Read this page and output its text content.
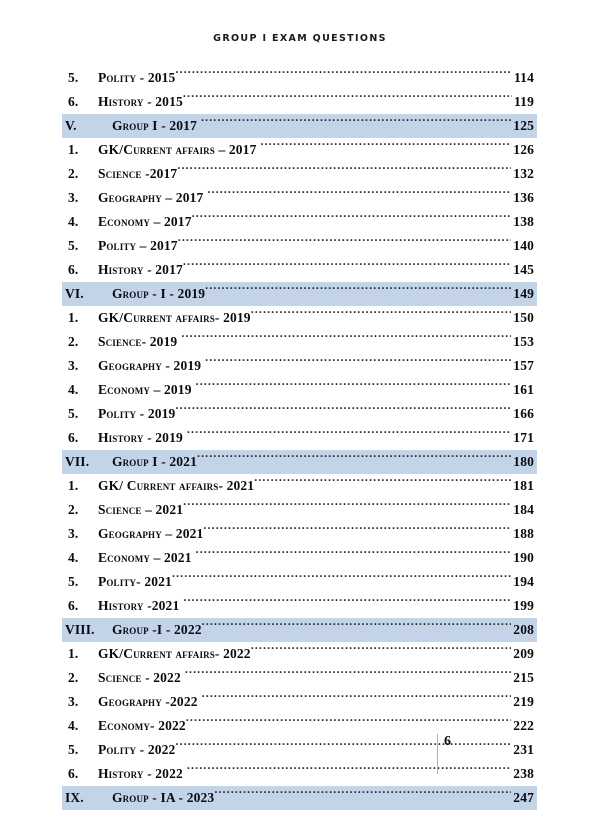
GROUP I EXAM QUESTIONS
5.	Polity - 2015 .....	114
6.	History - 2015 .....	119
V.	Group I - 2017 .....	125
1.	GK/Current affairs – 2017 .....	126
2.	Science -2017 .....	132
3.	Geography – 2017 .....	136
4.	Economy – 2017 .....	138
5.	Polity – 2017 .....	140
6.	History - 2017 .....	145
VI.	Group - I - 2019 .....	149
1.	GK/Current affairs- 2019 .....	150
2.	Science- 2019 .....	153
3.	Geography - 2019 .....	157
4.	Economy – 2019 .....	161
5.	Polity - 2019 .....	166
6.	History - 2019 .....	171
VII.	Group I - 2021 .....	180
1.	GK/ Current affairs- 2021 .....	181
2.	Science – 2021 .....	184
3.	Geography – 2021 .....	188
4.	Economy – 2021 .....	190
5.	Polity- 2021 .....	194
6.	History -2021 .....	199
VIII.	Group -I - 2022 .....	208
1.	GK/Current affairs- 2022 .....	209
2.	Science - 2022 .....	215
3.	Geography -2022 .....	219
4.	Economy- 2022 .....	222
5.	Polity - 2022 .....	231
6.	History - 2022 .....	238
IX.	Group - IA - 2023 .....	247
6
